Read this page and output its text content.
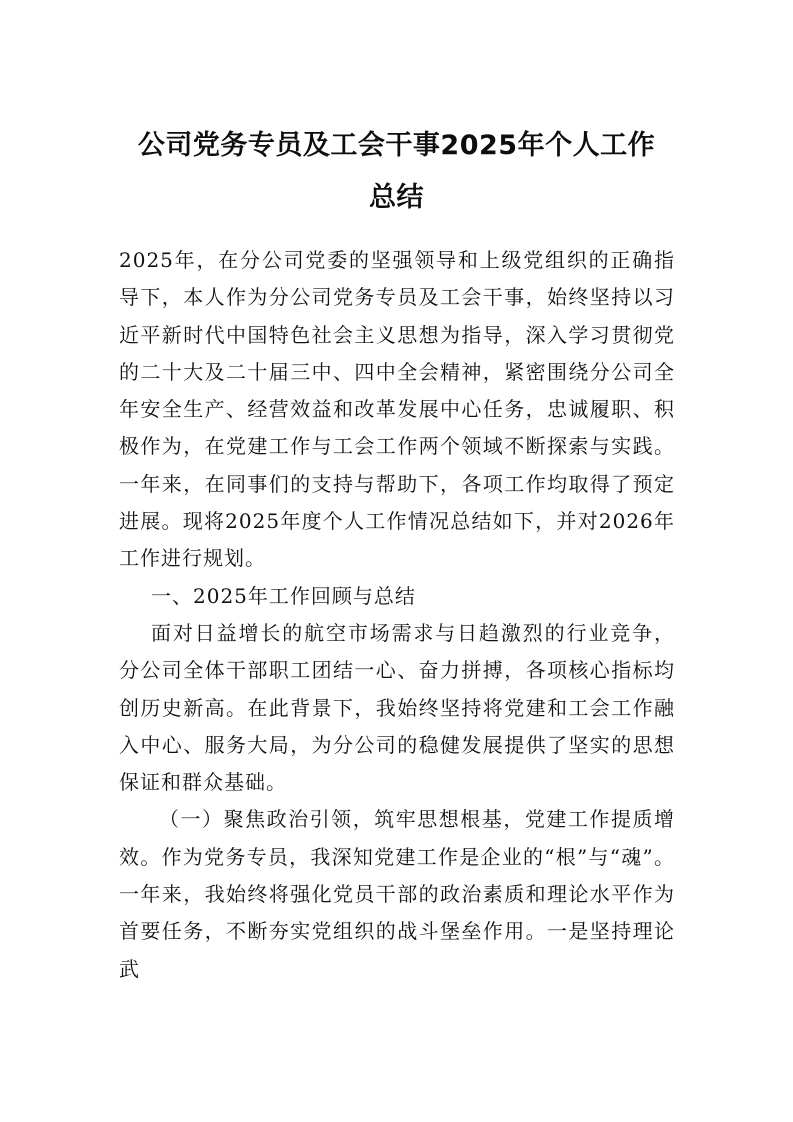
公司党务专员及工会干事2025年个人工作
总结

2025年，在分公司党委的坚强领导和上级党组织的正确指导下，本人作为分公司党务专员及工会干事，始终坚持以习近平新时代中国特色社会主义思想为指导，深入学习贯彻党的二十大及二十届三中、四中全会精神，紧密围绕分公司全年安全生产、经营效益和改革发展中心任务，忠诚履职、积极作为，在党建工作与工会工作两个领域不断探索与实践。一年来，在同事们的支持与帮助下，各项工作均取得了预定进展。现将2025年度个人工作情况总结如下，并对2026年工作进行规划。

一、2025年工作回顾与总结

面对日益增长的航空市场需求与日趋激烈的行业竞争，分公司全体干部职工团结一心、奋力拼搏，各项核心指标均创历史新高。在此背景下，我始终坚持将党建和工会工作融入中心、服务大局，为分公司的稳健发展提供了坚实的思想保证和群众基础。

（一）聚焦政治引领，筑牢思想根基，党建工作提质增效。作为党务专员，我深知党建工作是企业的“根”与“魂”。一年来，我始终将强化党员干部的政治素质和理论水平作为首要任务，不断夯实党组织的战斗堡垒作用。一是坚持理论武
